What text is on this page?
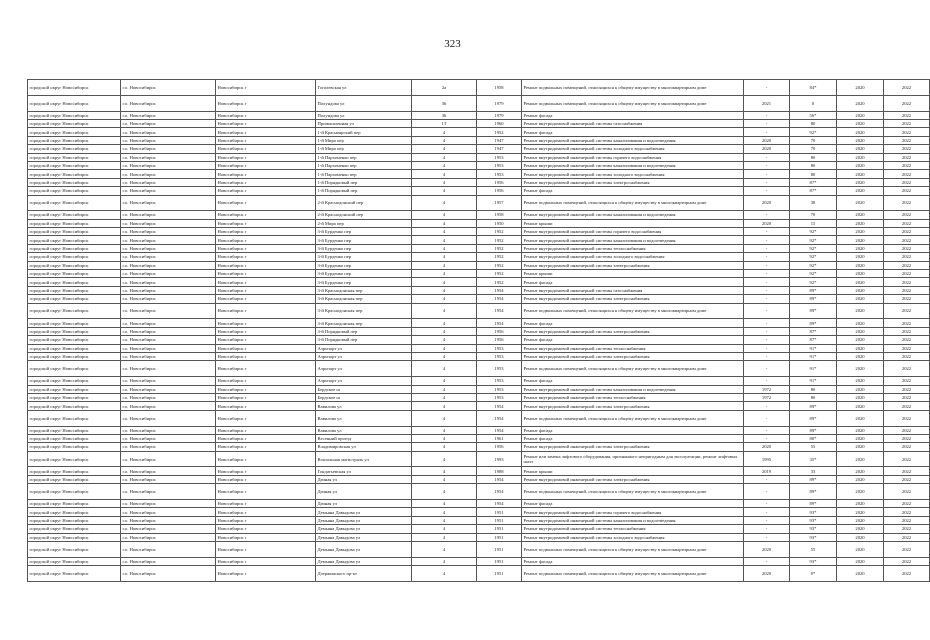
323
городской округ Новосибирск	г.о. Новосибирск	Новосибирск г	Гоголевская ул	2а	1958	Ремонт подвальных помещений, относящихся к общему имуществу в многоквартирном доме	-	84*	2020	2022
городской округ Новосибирск	г.о. Новосибирск	Новосибирск г	Полундова ул	36	1979	Ремонт подвальных помещений, относящихся к общему имуществу в многоквартирном доме	2021	0	2020	2022
городской округ Новосибирск	г.о. Новосибирск	Новосибирск г	Полундова ул	36	1979	Ремонт фасада	-	56*	2020	2022
городской округ Новосибирск	г.о. Новосибирск	Новосибирск г	Промышленная ул	1Т	1960	Ремонт внутридомовой инженерной системы газоснабжения	-	80	2020	2022
городской округ Новосибирск	г.о. Новосибирск	Новосибирск г	1-й Красноярский пер	4	1952	Ремонт фасада	-	92*	2020	2022
городской округ Новосибирск	г.о. Новосибирск	Новосибирск г	1-й Мира пер	4	1947	Ремонт внутридомовой инженерной системы канализования и водоотведения	2020	70	2020	2022
городской округ Новосибирск	г.о. Новосибирск	Новосибирск г	1-й Мира пер	4	1947	Ремонт внутридомовой инженерной системы холодного водоснабжения	2020	70	2020	2022
городской округ Новосибирск	г.о. Новосибирск	Новосибирск г	1-й Пархоменко пер	4	1953	Ремонт внутридомовой инженерной системы горячего водоснабжения	-	80	2020	2022
городской округ Новосибирск	г.о. Новосибирск	Новосибирск г	1-й Пархоменко пер	4	1953	Ремонт внутридомовой инженерной системы канализования и водоотведения	-	80	2020	2022
городской округ Новосибирск	г.о. Новосибирск	Новосибирск г	1-й Пархоменко пер	4	1953	Ремонт внутридомовой инженерной системы холодного водоснабжения	-	80	2020	2022
городской округ Новосибирск	г.о. Новосибирск	Новосибирск г	1-й Порядковый пер	4	1956	Ремонт внутридомовой инженерной системы электроснабжения	-	87*	2020	2022
городской округ Новосибирск	г.о. Новосибирск	Новосибирск г	1-й Порядковый пер	4	1956	Ремонт фасада	-	87*	2020	2022
городской округ Новосибирск	г.о. Новосибирск	Новосибирск г	2-й Краснодонский пер	4	1957	Ремонт подвальных помещений, относящихся к общему имуществу в многоквартирном доме	2020	38	2020	2022
городской округ Новосибирск	г.о. Новосибирск	Новосибирск г	2-й Краснодонский пер	4	1958	Ремонт внутридомовой инженерной системы канализования и водоотведения	-	70	2020	2022
городской округ Новосибирск	г.о. Новосибирск	Новосибирск г	2-й Мира пер	4	1950	Ремонт крыши	2020	15	2020	2022
городской округ Новосибирск	г.о. Новосибирск	Новосибирск г	3-й Бурденко пер	4	1952	Ремонт внутридомовой инженерной системы горячего водоснабжения	-	92*	2020	2022
городской округ Новосибирск	г.о. Новосибирск	Новосибирск г	3-й Бурденко пер	4	1952	Ремонт внутридомовой инженерной системы канализования и водоотведения	-	92*	2020	2022
городской округ Новосибирск	г.о. Новосибирск	Новосибирск г	3-й Бурденко пер	4	1952	Ремонт внутридомовой инженерной системы теплоснабжения	-	92*	2020	2022
городской округ Новосибирск	г.о. Новосибирск	Новосибирск г	3-й Бурденко пер	4	1952	Ремонт внутридомовой инженерной системы холодного водоснабжения	-	92*	2020	2022
городской округ Новосибирск	г.о. Новосибирск	Новосибирск г	3-й Бурденко пер	4	1952	Ремонт внутридомовой инженерной системы электроснабжения	-	92*	2020	2022
городской округ Новосибирск	г.о. Новосибирск	Новосибирск г	3-й Бурденко пер	4	1952	Ремонт крыши	-	92*	2020	2022
городской округ Новосибирск	г.о. Новосибирск	Новосибирск г	3-й Бурденко пер	4	1952	Ремонт фасада	-	92*	2020	2022
городской округ Новосибирск	г.о. Новосибирск	Новосибирск г	3-й Краснодонская пер	4	1954	Ремонт внутридомовой инженерной системы газоснабжения	-	89*	2020	2022
городской округ Новосибирск	г.о. Новосибирск	Новосибирск г	3-й Краснодонская пер	4	1954	Ремонт внутридомовой инженерной системы электроснабжения	-	89*	2020	2022
городской округ Новосибирск	г.о. Новосибирск	Новосибирск г	3-й Краснодонская пер	4	1954	Ремонт подвальных помещений, относящихся к общему имуществу в многоквартирном доме	-	89*	2020	2022
городской округ Новосибирск	г.о. Новосибирск	Новосибирск г	3-й Краснодонская пер	4	1954	Ремонт фасада	-	89*	2020	2022
городской округ Новосибирск	г.о. Новосибирск	Новосибирск г	3-й Порядковый пер	4	1956	Ремонт внутридомовой инженерной системы электроснабжения	-	87*	2020	2022
городской округ Новосибирск	г.о. Новосибирск	Новосибирск г	3-й Порядковый пер	4	1956	Ремонт фасада	-	87*	2020	2022
городской округ Новосибирск	г.о. Новосибирск	Новосибирск г	Аэропорт ул	4	1953	Ремонт внутридомовой инженерной системы теплоснабжения	-	91*	2020	2022
городской округ Новосибирск	г.о. Новосибирск	Новосибирск г	Аэропорт ул	4	1953	Ремонт внутридомовой инженерной системы электроснабжения	-	91*	2020	2022
городской округ Новосибирск	г.о. Новосибирск	Новосибирск г	Аэропорт ул	4	1953	Ремонт подвальных помещений, относящихся к общему имуществу в многоквартирном доме	-	91*	2020	2022
городской округ Новосибирск	г.о. Новосибирск	Новосибирск г	Аэропорт ул	4	1953	Ремонт фасада	-	91*	2020	2022
городской округ Новосибирск	г.о. Новосибирск	Новосибирск г	Бердское ш	4	1953	Ремонт внутридомовой инженерной системы канализования и водоотведения	1972	80	2020	2022
городской округ Новосибирск	г.о. Новосибирск	Новосибирск г	Бердское ш	4	1953	Ремонт внутридомовой инженерной системы теплоснабжения	1972	80	2020	2022
городской округ Новосибирск	г.о. Новосибирск	Новосибирск г	Вавилова ул	4	1954	Ремонт внутридомовой инженерной системы электроснабжения	-	89*	2020	2022
городской округ Новосибирск	г.о. Новосибирск	Новосибирск г	Вавилова ул	4	1954	Ремонт подвальных помещений, относящихся к общему имуществу в многоквартирном доме	-	89*	2020	2022
городской округ Новосибирск	г.о. Новосибирск	Новосибирск г	Вавилова ул	4	1954	Ремонт фасада	-	89*	2020	2022
городской округ Новосибирск	г.о. Новосибирск	Новосибирск г	Весенний проезд	4	1961	Ремонт фасада	-	80*	2020	2022
городской округ Новосибирск	г.о. Новосибирск	Новосибирск г	Владимировская ул	4	1956	Ремонт внутридомовой инженерной системы электроснабжения	2020	55	2020	2022
городской округ Новосибирск	г.о. Новосибирск	Новосибирск г	Вокзальная магистраль ул	4	1993	Ремонт или замена лифтового оборудования, признанного непригодным для эксплуатации, ремонт лифтовых шахт	1995	35*	2020	2022
городской округ Новосибирск	г.о. Новосибирск	Новосибирск г	Гондатьевская ул	4	1988	Ремонт крыши	2019	33	2020	2022
городской округ Новосибирск	г.о. Новосибирск	Новосибирск г	Дачная ул	4	1954	Ремонт внутридомовой инженерной системы электроснабжения	-	89*	2020	2022
городской округ Новосибирск	г.о. Новосибирск	Новосибирск г	Дачная ул	4	1954	Ремонт подвальных помещений, относящихся к общему имуществу в многоквартирном доме	-	89*	2020	2022
городской округ Новосибирск	г.о. Новосибирск	Новосибирск г	Дачная ул	4	1954	Ремонт фасада	-	89*	2020	2022
городской округ Новосибирск	г.о. Новосибирск	Новосибирск г	Демьяна Давыдова ул	4	1951	Ремонт внутридомовой инженерной системы горячего водоснабжения	-	93*	2020	2022
городской округ Новосибирск	г.о. Новосибирск	Новосибирск г	Демьяна Давыдова ул	4	1951	Ремонт внутридомовой инженерной системы канализования и водоотведения	-	93*	2020	2022
городской округ Новосибирск	г.о. Новосибирск	Новосибирск г	Демьяна Давыдова ул	4	1951	Ремонт внутридомовой инженерной системы теплоснабжения	-	93*	2020	2022
городской округ Новосибирск	г.о. Новосибирск	Новосибирск г	Демьяна Давыдова ул	4	1951	Ремонт внутридомовой инженерной системы холодного водоснабжения	-	93*	2020	2022
городской округ Новосибирск	г.о. Новосибирск	Новосибирск г	Демьяна Давыдова ул	4	1951	Ремонт подвальных помещений, относящихся к общему имуществу в многоквартирном доме	2020	55	2020	2022
городской округ Новосибирск	г.о. Новосибирск	Новосибирск г	Демьяна Давыдова ул	4	1951	Ремонт фасада	-	93*	2020	2022
городской округ Новосибирск	г.о. Новосибирск	Новосибирск г	Дзержинского пр-кт	4	1951	Ремонт подвальных помещений, относящихся к общему имуществу в многоквартирном доме	2020	0*	2020	2022
